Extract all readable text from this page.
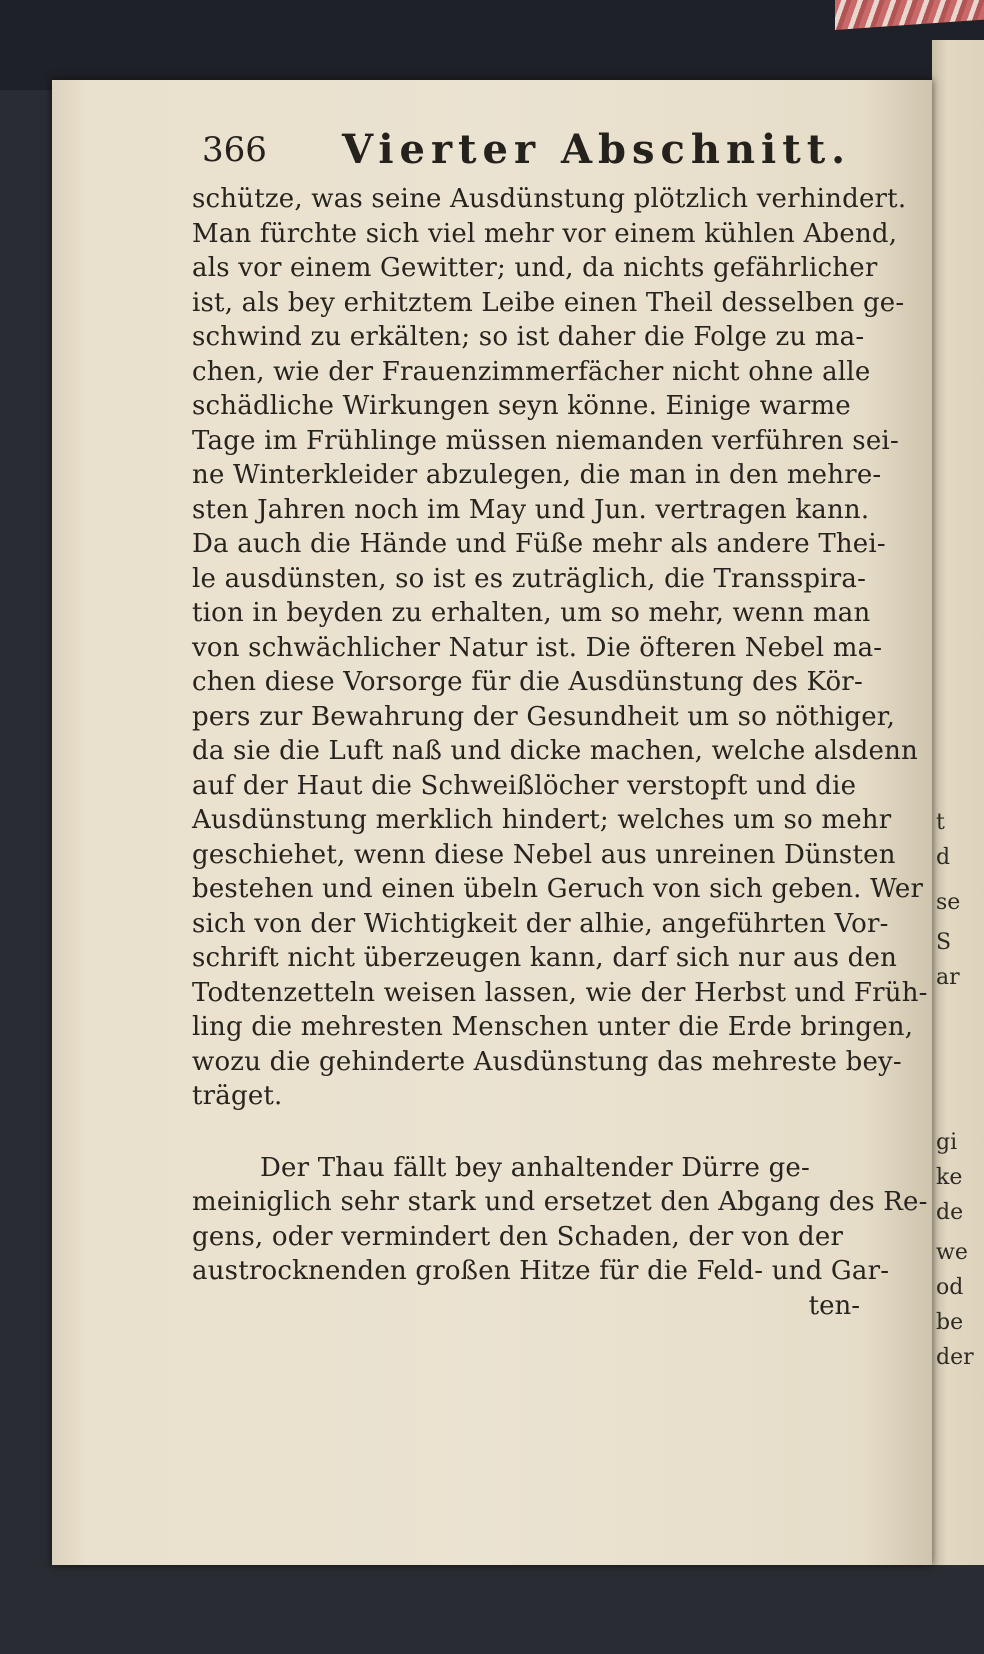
t
d
se
S
ar
gi
ke
de
we
od
be
der
366 Vierter Abschnitt.
schütze, was seine Ausdünstung plötzlich verhindert.
Man fürchte sich viel mehr vor einem kühlen Abend,
als vor einem Gewitter; und, da nichts gefährlicher
ist, als bey erhitztem Leibe einen Theil desselben ge-
schwind zu erkälten; so ist daher die Folge zu ma-
chen, wie der Frauenzimmerfächer nicht ohne alle
schädliche Wirkungen seyn könne. Einige warme
Tage im Frühlinge müssen niemanden verführen sei-
ne Winterkleider abzulegen, die man in den mehre-
sten Jahren noch im May und Jun. vertragen kann.
Da auch die Hände und Füße mehr als andere Thei-
le ausdünsten, so ist es zuträglich, die Transspira-
tion in beyden zu erhalten, um so mehr, wenn man
von schwächlicher Natur ist. Die öfteren Nebel ma-
chen diese Vorsorge für die Ausdünstung des Kör-
pers zur Bewahrung der Gesundheit um so nöthiger,
da sie die Luft naß und dicke machen, welche alsdenn
auf der Haut die Schweißlöcher verstopft und die
Ausdünstung merklich hindert; welches um so mehr
geschiehet, wenn diese Nebel aus unreinen Dünsten
bestehen und einen übeln Geruch von sich geben. Wer
sich von der Wichtigkeit der alhie, angeführten Vor-
schrift nicht überzeugen kann, darf sich nur aus den
Todtenzetteln weisen lassen, wie der Herbst und Früh-
ling die mehresten Menschen unter die Erde bringen,
wozu die gehinderte Ausdünstung das mehreste bey-
träget.
Der Thau fällt bey anhaltender Dürre ge-
meiniglich sehr stark und ersetzet den Abgang des Re-
gens, oder vermindert den Schaden, der von der
austrocknenden großen Hitze für die Feld- und Gar-
ten-
